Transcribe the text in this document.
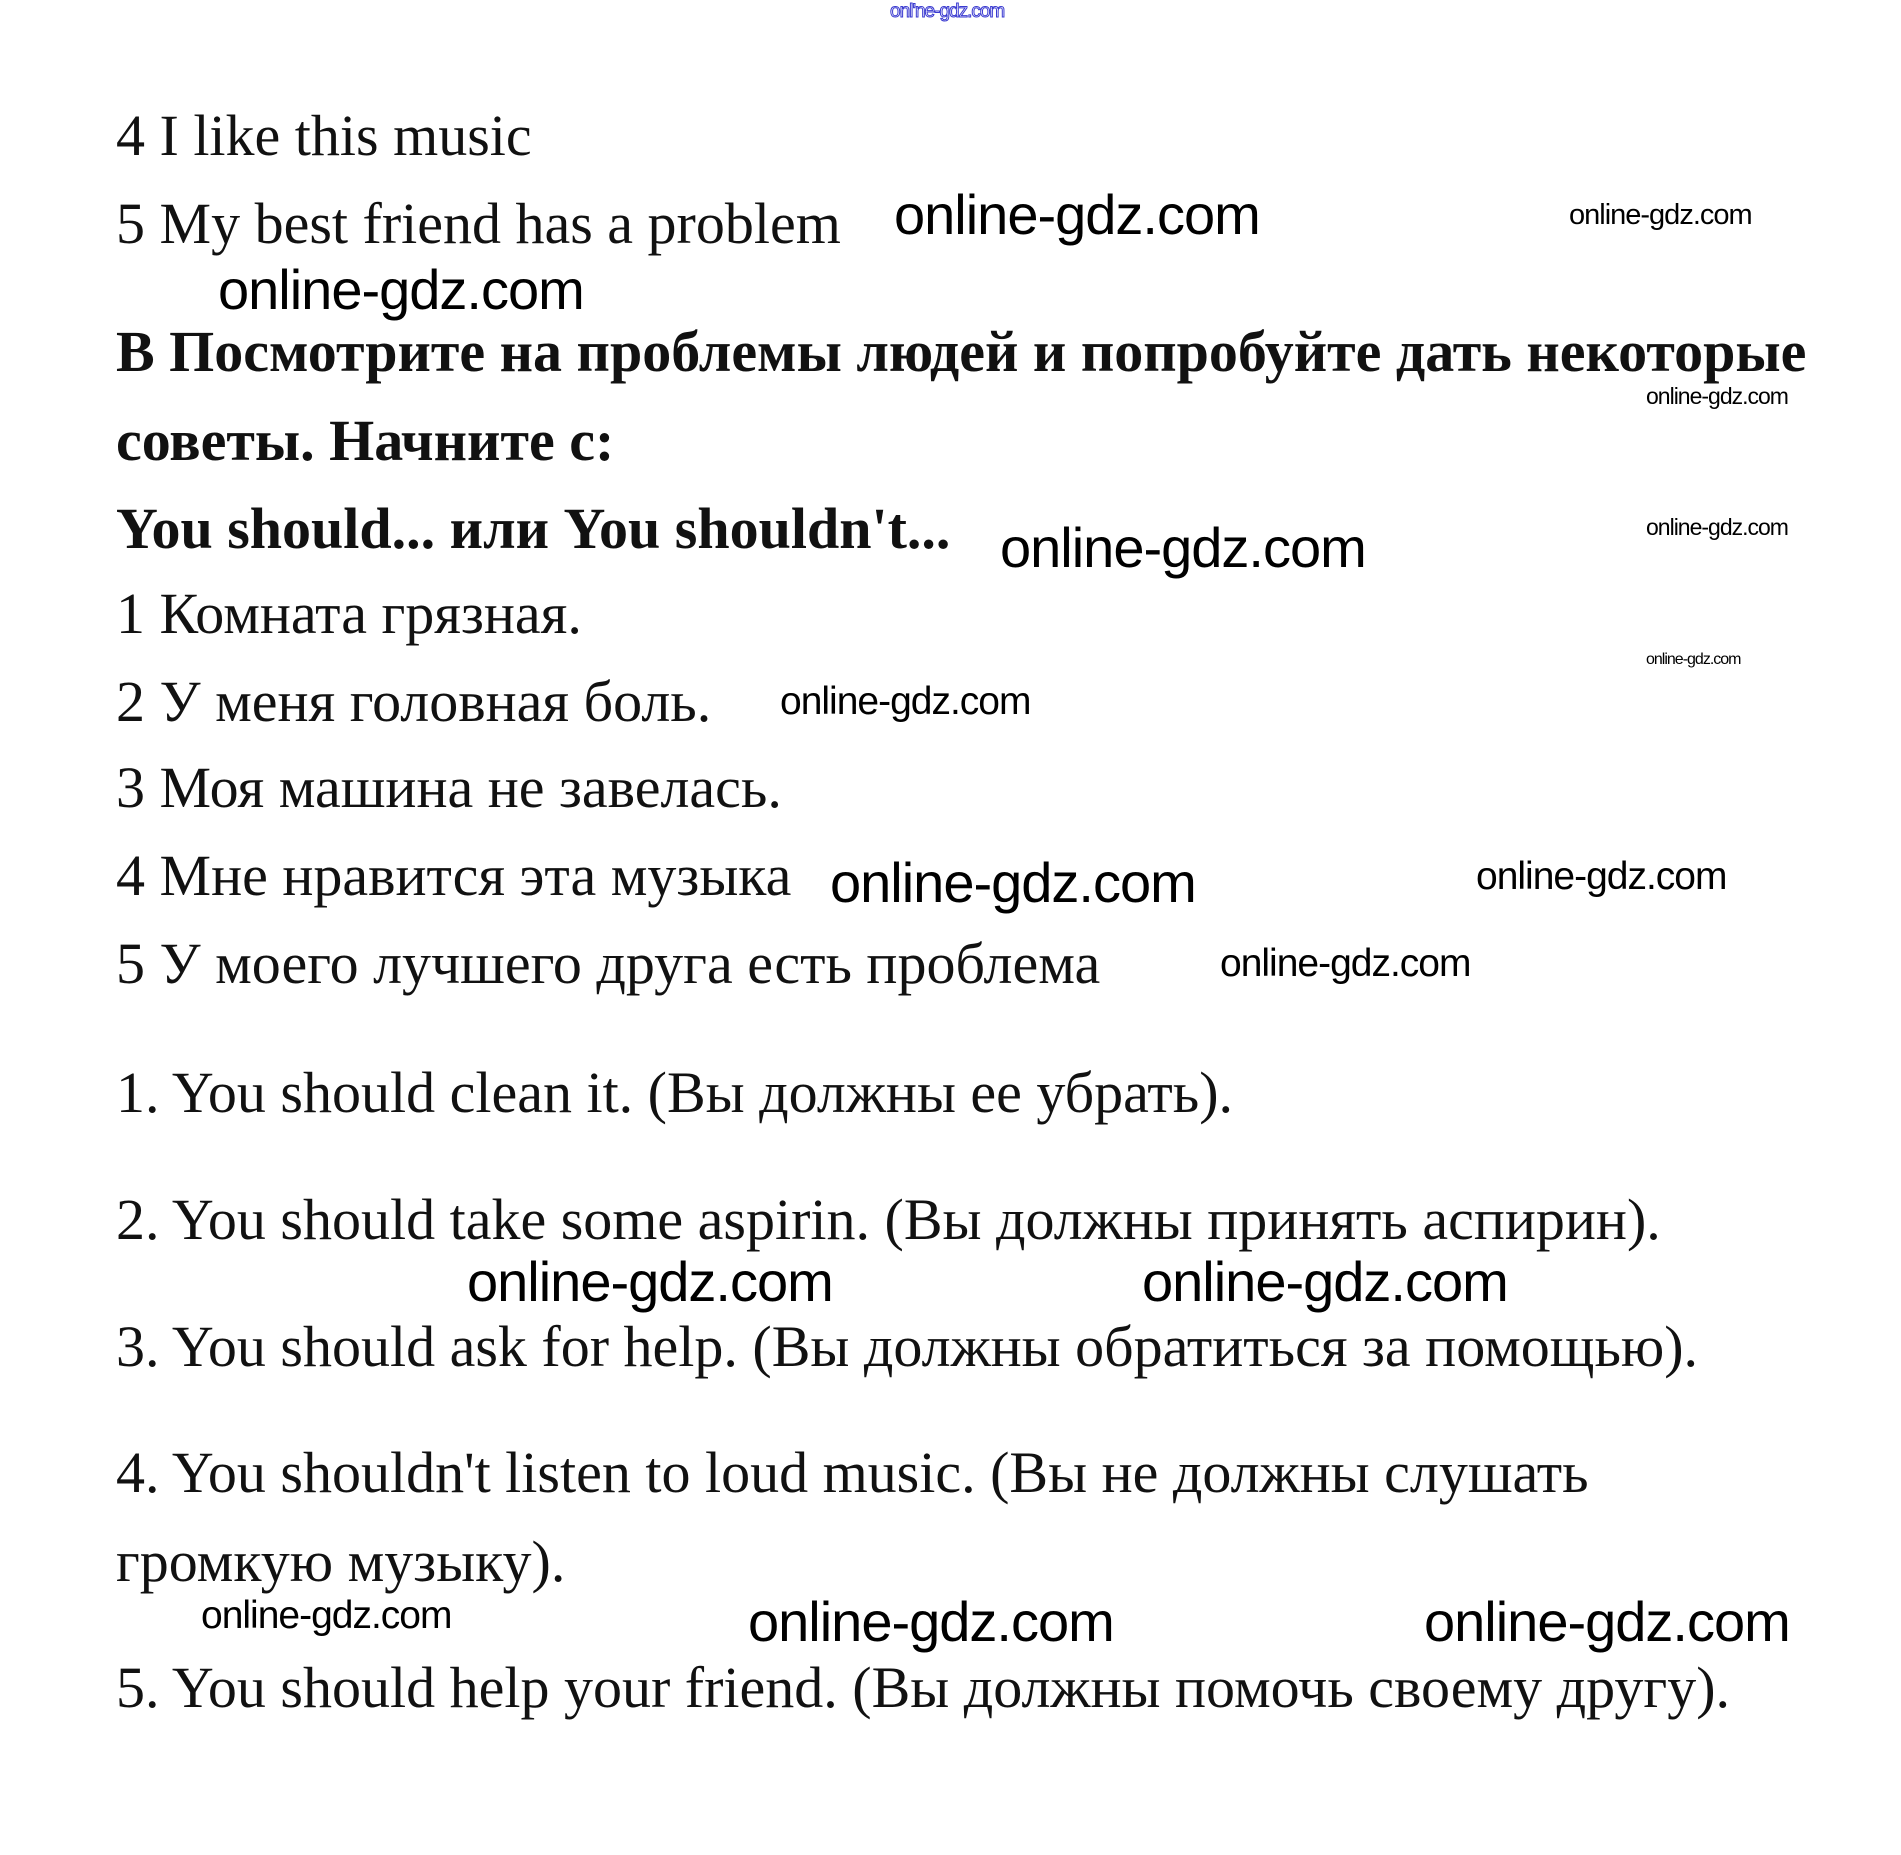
onl'ne-gdz.com
4 I like this music
5 My best friend has a problem
В Посмотрите на проблемы людей и попробуйте дать некоторые
советы. Начните с:
You should... или You shouldn't...
1 Комната грязная.
2 У меня головная боль.
3 Моя машина не завелась.
4 Мне нравится эта музыка
5 У моего лучшего друга есть проблема
1. You should clean it. (Вы должны ее убрать).
2. You should take some aspirin. (Вы должны принять аспирин).
3. You should ask for help. (Вы должны обратиться за помощью).
4. You shouldn't listen to loud music. (Вы не должны слушать
громкую музыку).
5. You should help your friend. (Вы должны помочь своему другу).
online-gdz.com	online-gdz.com
online-gdz.com
online-gdz.com
online-gdz.com
online-gdz.com
online-gdz.com
online-gdz.com
online-gdz.com	online-gdz.com
online-gdz.com
online-gdz.com	online-gdz.com
online-gdz.com	online-gdz.com	online-gdz.com
